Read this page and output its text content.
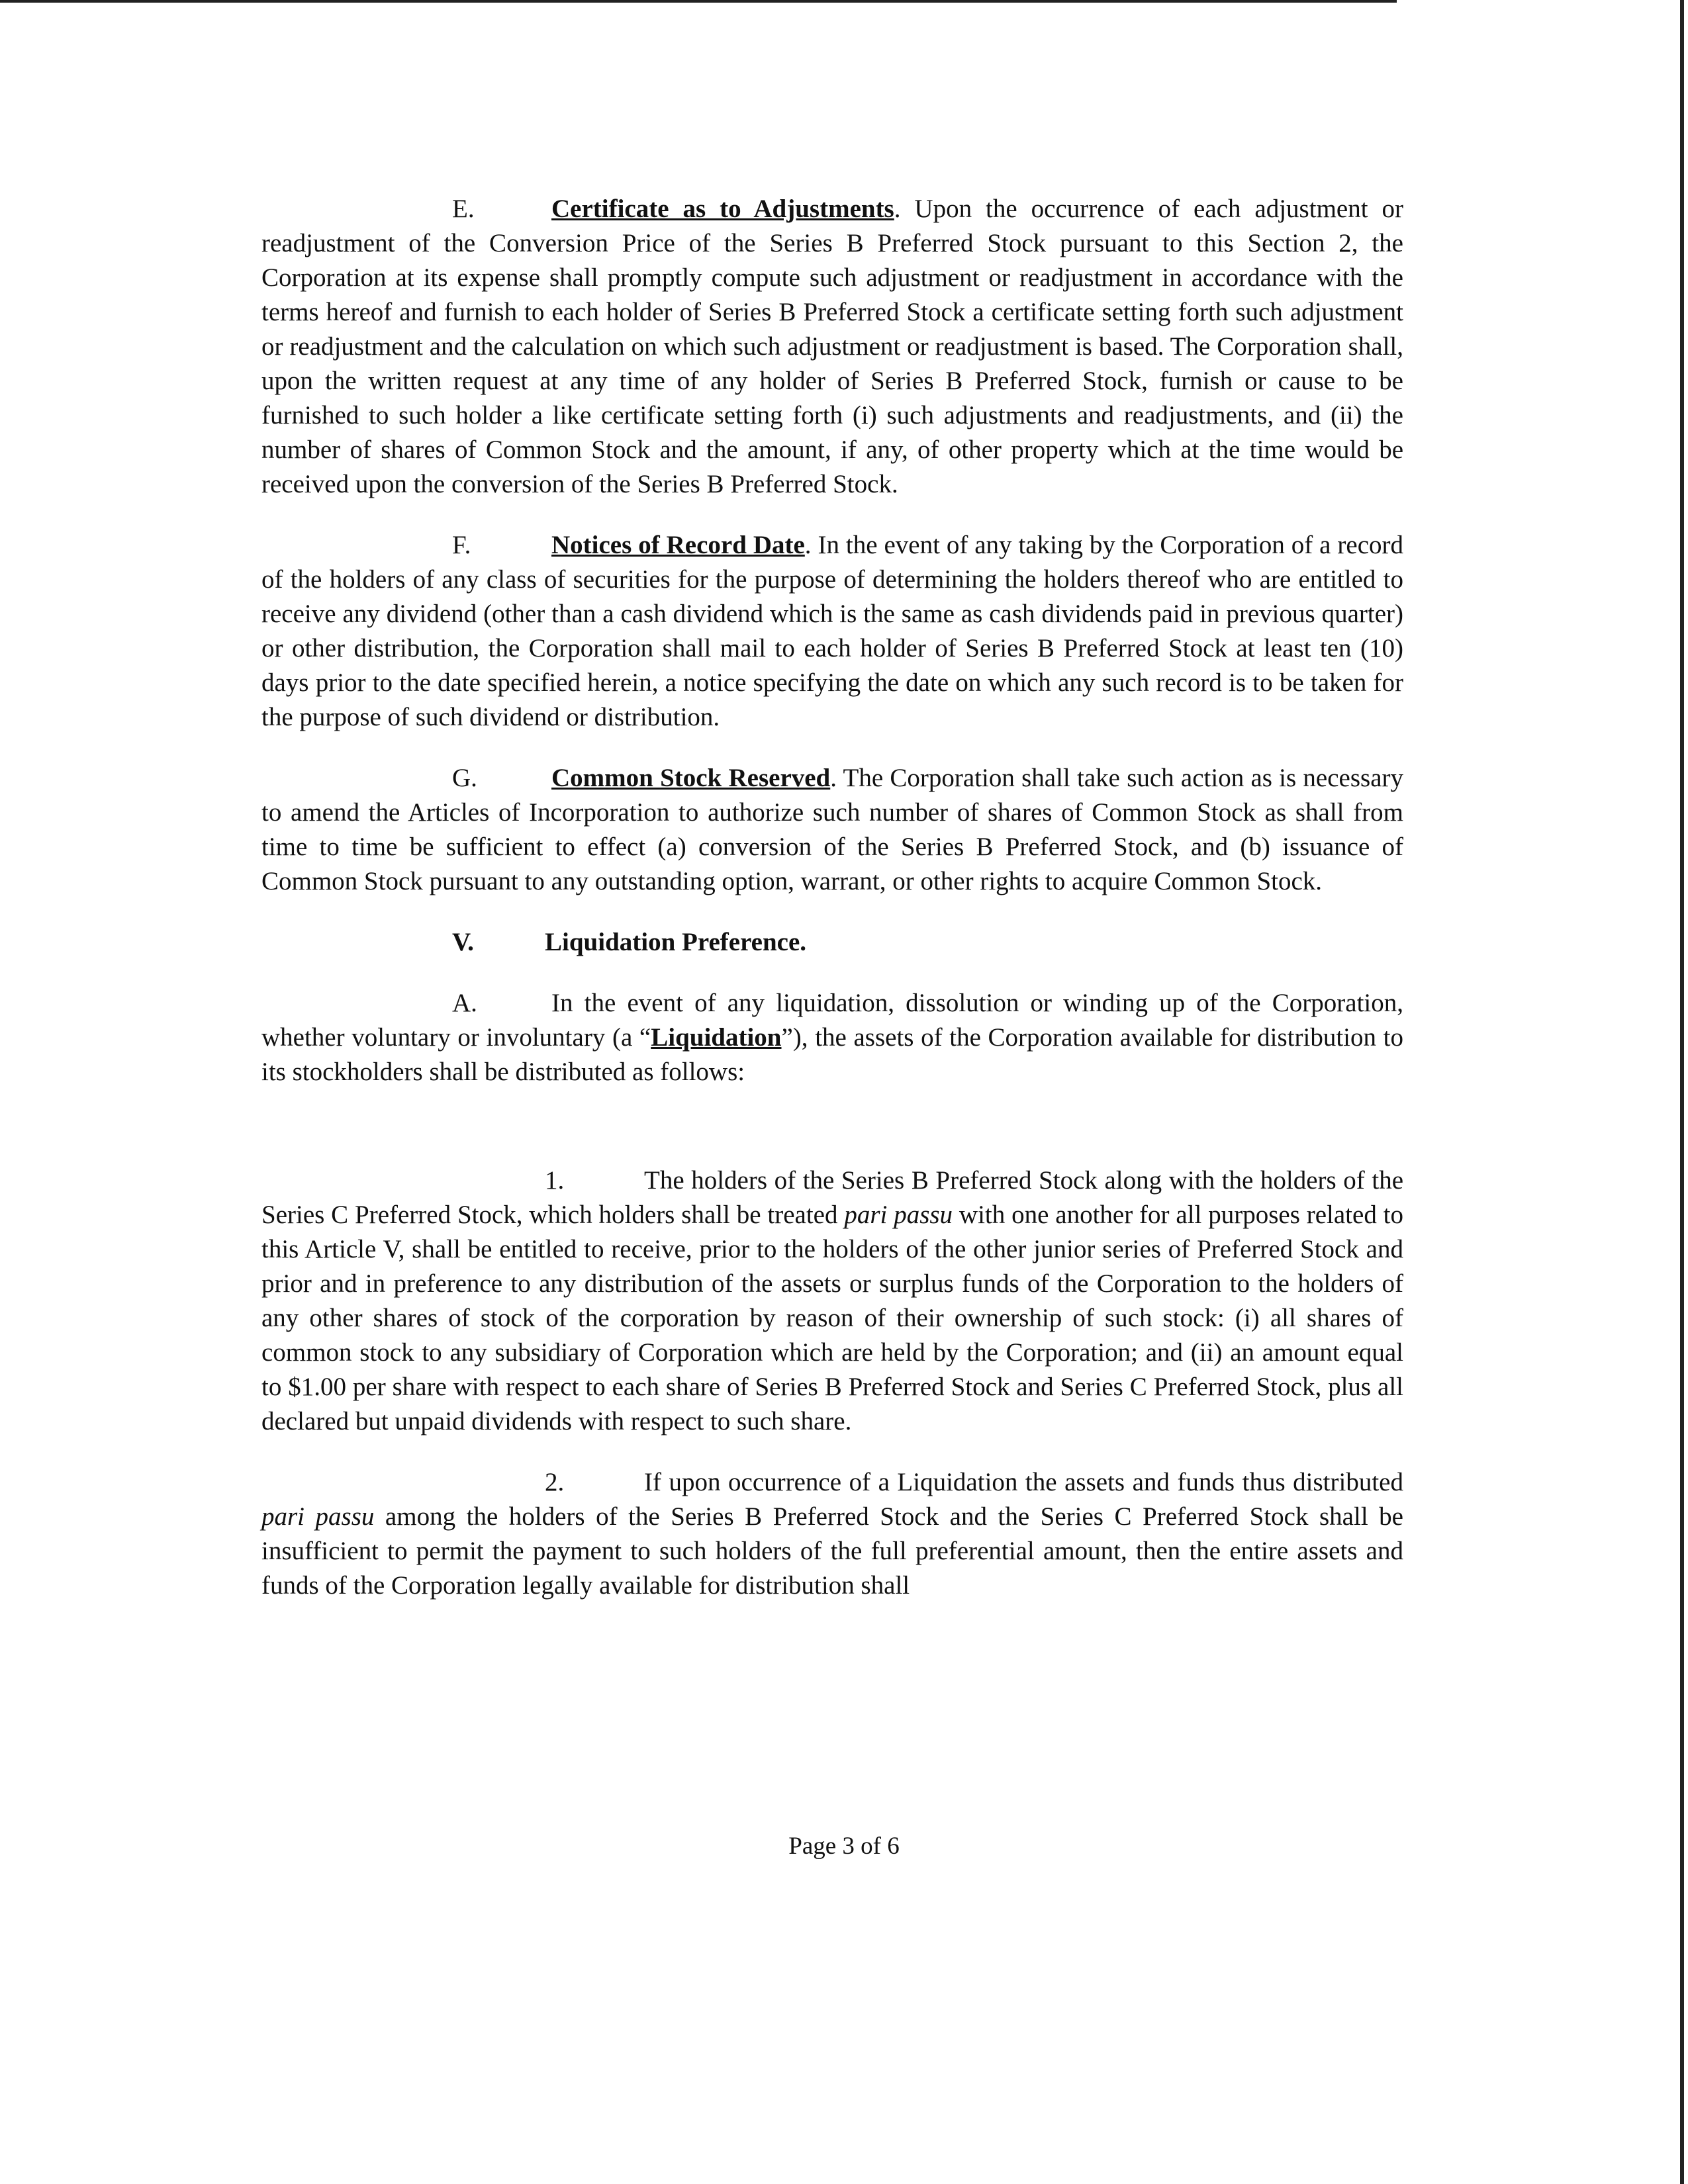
E.	Certificate as to Adjustments. Upon the occurrence of each adjustment or readjustment of the Conversion Price of the Series B Preferred Stock pursuant to this Section 2, the Corporation at its expense shall promptly compute such adjustment or readjustment in accordance with the terms hereof and furnish to each holder of Series B Preferred Stock a certificate setting forth such adjustment or readjustment and the calculation on which such adjustment or readjustment is based. The Corporation shall, upon the written request at any time of any holder of Series B Preferred Stock, furnish or cause to be furnished to such holder a like certificate setting forth (i) such adjustments and readjustments, and (ii) the number of shares of Common Stock and the amount, if any, of other property which at the time would be received upon the conversion of the Series B Preferred Stock.

F.	Notices of Record Date. In the event of any taking by the Corporation of a record of the holders of any class of securities for the purpose of determining the holders thereof who are entitled to receive any dividend (other than a cash dividend which is the same as cash dividends paid in previous quarter) or other distribution, the Corporation shall mail to each holder of Series B Preferred Stock at least ten (10) days prior to the date specified herein, a notice specifying the date on which any such record is to be taken for the purpose of such dividend or distribution.

G.	Common Stock Reserved. The Corporation shall take such action as is necessary to amend the Articles of Incorporation to authorize such number of shares of Common Stock as shall from time to time be sufficient to effect (a) conversion of the Series B Preferred Stock, and (b) issuance of Common Stock pursuant to any outstanding option, warrant, or other rights to acquire Common Stock.

V.	Liquidation Preference.

A.	In the event of any liquidation, dissolution or winding up of the Corporation, whether voluntary or involuntary (a “Liquidation”), the assets of the Corporation available for distribution to its stockholders shall be distributed as follows:

1.	The holders of the Series B Preferred Stock along with the holders of the Series C Preferred Stock, which holders shall be treated pari passu with one another for all purposes related to this Article V, shall be entitled to receive, prior to the holders of the other junior series of Preferred Stock and prior and in preference to any distribution of the assets or surplus funds of the Corporation to the holders of any other shares of stock of the corporation by reason of their ownership of such stock: (i) all shares of common stock to any subsidiary of Corporation which are held by the Corporation; and (ii) an amount equal to $1.00 per share with respect to each share of Series B Preferred Stock and Series C Preferred Stock, plus all declared but unpaid dividends with respect to such share.

2.	If upon occurrence of a Liquidation the assets and funds thus distributed pari passu among the holders of the Series B Preferred Stock and the Series C Preferred Stock shall be insufficient to permit the payment to such holders of the full preferential amount, then the entire assets and funds of the Corporation legally available for distribution shall

Page 3 of 6
